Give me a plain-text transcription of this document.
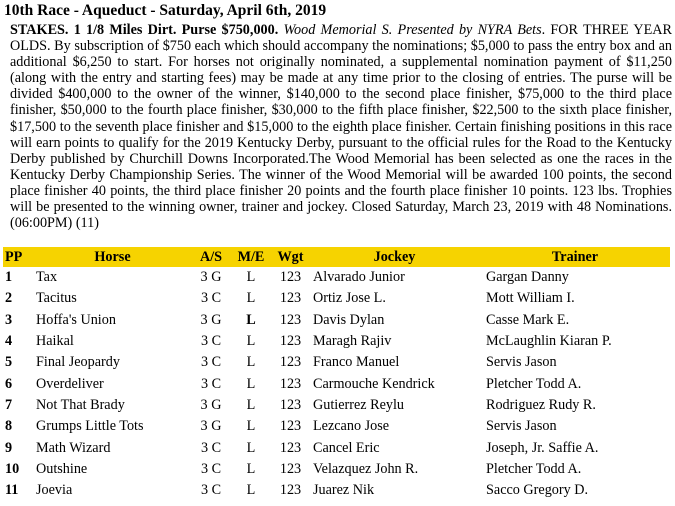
10th Race - Aqueduct - Saturday, April 6th, 2019
STAKES. 1 1/8 Miles Dirt. Purse $750,000. Wood Memorial S. Presented by NYRA Bets. FOR THREE YEAR OLDS. By subscription of $750 each which should accompany the nominations; $5,000 to pass the entry box and an additional $6,250 to start. For horses not originally nominated, a supplemental nomination payment of $11,250 (along with the entry and starting fees) may be made at any time prior to the closing of entries. The purse will be divided $400,000 to the owner of the winner, $140,000 to the second place finisher, $75,000 to the third place finisher, $50,000 to the fourth place finisher, $30,000 to the fifth place finisher, $22,500 to the sixth place finisher, $17,500 to the seventh place finisher and $15,000 to the eighth place finisher. Certain finishing positions in this race will earn points to qualify for the 2019 Kentucky Derby, pursuant to the official rules for the Road to the Kentucky Derby published by Churchill Downs Incorporated.The Wood Memorial has been selected as one the races in the Kentucky Derby Championship Series. The winner of the Wood Memorial will be awarded 100 points, the second place finisher 40 points, the third place finisher 20 points and the fourth place finisher 10 points. 123 lbs. Trophies will be presented to the winning owner, trainer and jockey. Closed Saturday, March 23, 2019 with 48 Nominations. (06:00PM) (11)
PP	Horse	A/S	M/E	Wgt	Jockey	Trainer
1	Tax	3 G	L	123	Alvarado Junior	Gargan Danny
2	Tacitus	3 C	L	123	Ortiz Jose L.	Mott William I.
3	Hoffa's Union	3 G	L	123	Davis Dylan	Casse Mark E.
4	Haikal	3 C	L	123	Maragh Rajiv	McLaughlin Kiaran P.
5	Final Jeopardy	3 C	L	123	Franco Manuel	Servis Jason
6	Overdeliver	3 C	L	123	Carmouche Kendrick	Pletcher Todd A.
7	Not That Brady	3 G	L	123	Gutierrez Reylu	Rodriguez Rudy R.
8	Grumps Little Tots	3 G	L	123	Lezcano Jose	Servis Jason
9	Math Wizard	3 C	L	123	Cancel Eric	Joseph, Jr. Saffie A.
10	Outshine	3 C	L	123	Velazquez John R.	Pletcher Todd A.
11	Joevia	3 C	L	123	Juarez Nik	Sacco Gregory D.
